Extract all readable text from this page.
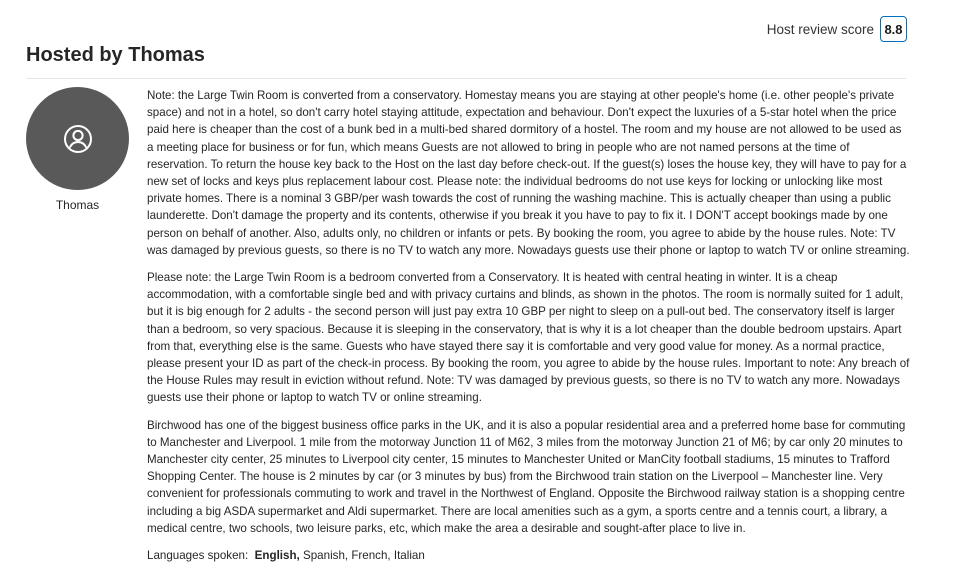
Host review score 8.8
Hosted by Thomas
Thomas

Note: the Large Twin Room is converted from a conservatory. Homestay means you are staying at other people's home (i.e. other people's private space) and not in a hotel, so don't carry hotel staying attitude, expectation and behaviour. Don't expect the luxuries of a 5-star hotel when the price paid here is cheaper than the cost of a bunk bed in a multi-bed shared dormitory of a hostel. The room and my house are not allowed to be used as a meeting place for business or for fun, which means Guests are not allowed to bring in people who are not named persons at the time of reservation. To return the house key back to the Host on the last day before check-out. If the guest(s) loses the house key, they will have to pay for a new set of locks and keys plus replacement labour cost. Please note: the individual bedrooms do not use keys for locking or unlocking like most private homes. There is a nominal 3 GBP/per wash towards the cost of running the washing machine. This is actually cheaper than using a public launderette. Don't damage the property and its contents, otherwise if you break it you have to pay to fix it. I DON'T accept bookings made by one person on behalf of another. Also, adults only, no children or infants or pets. By booking the room, you agree to abide by the house rules. Note: TV was damaged by previous guests, so there is no TV to watch any more. Nowadays guests use their phone or laptop to watch TV or online streaming.

Please note: the Large Twin Room is a bedroom converted from a Conservatory. It is heated with central heating in winter. It is a cheap accommodation, with a comfortable single bed and with privacy curtains and blinds, as shown in the photos. The room is normally suited for 1 adult, but it is big enough for 2 adults - the second person will just pay extra 10 GBP per night to sleep on a pull-out bed. The conservatory itself is larger than a bedroom, so very spacious. Because it is sleeping in the conservatory, that is why it is a lot cheaper than the double bedroom upstairs. Apart from that, everything else is the same. Guests who have stayed there say it is comfortable and very good value for money. As a normal practice, please present your ID as part of the check-in process. By booking the room, you agree to abide by the house rules. Important to note: Any breach of the House Rules may result in eviction without refund. Note: TV was damaged by previous guests, so there is no TV to watch any more. Nowadays guests use their phone or laptop to watch TV or online streaming.

Birchwood has one of the biggest business office parks in the UK, and it is also a popular residential area and a preferred home base for commuting to Manchester and Liverpool. 1 mile from the motorway Junction 11 of M62, 3 miles from the motorway Junction 21 of M6; by car only 20 minutes to Manchester city center, 25 minutes to Liverpool city center, 15 minutes to Manchester United or ManCity football stadiums, 15 minutes to Trafford Shopping Center. The house is 2 minutes by car (or 3 minutes by bus) from the Birchwood train station on the Liverpool – Manchester line. Very convenient for professionals commuting to work and travel in the Northwest of England. Opposite the Birchwood railway station is a shopping centre including a big ASDA supermarket and Aldi supermarket. There are local amenities such as a gym, a sports centre and a tennis court, a library, a medical centre, two schools, two leisure parks, etc, which make the area a desirable and sought-after place to live in.

Languages spoken: English, Spanish, French, Italian
